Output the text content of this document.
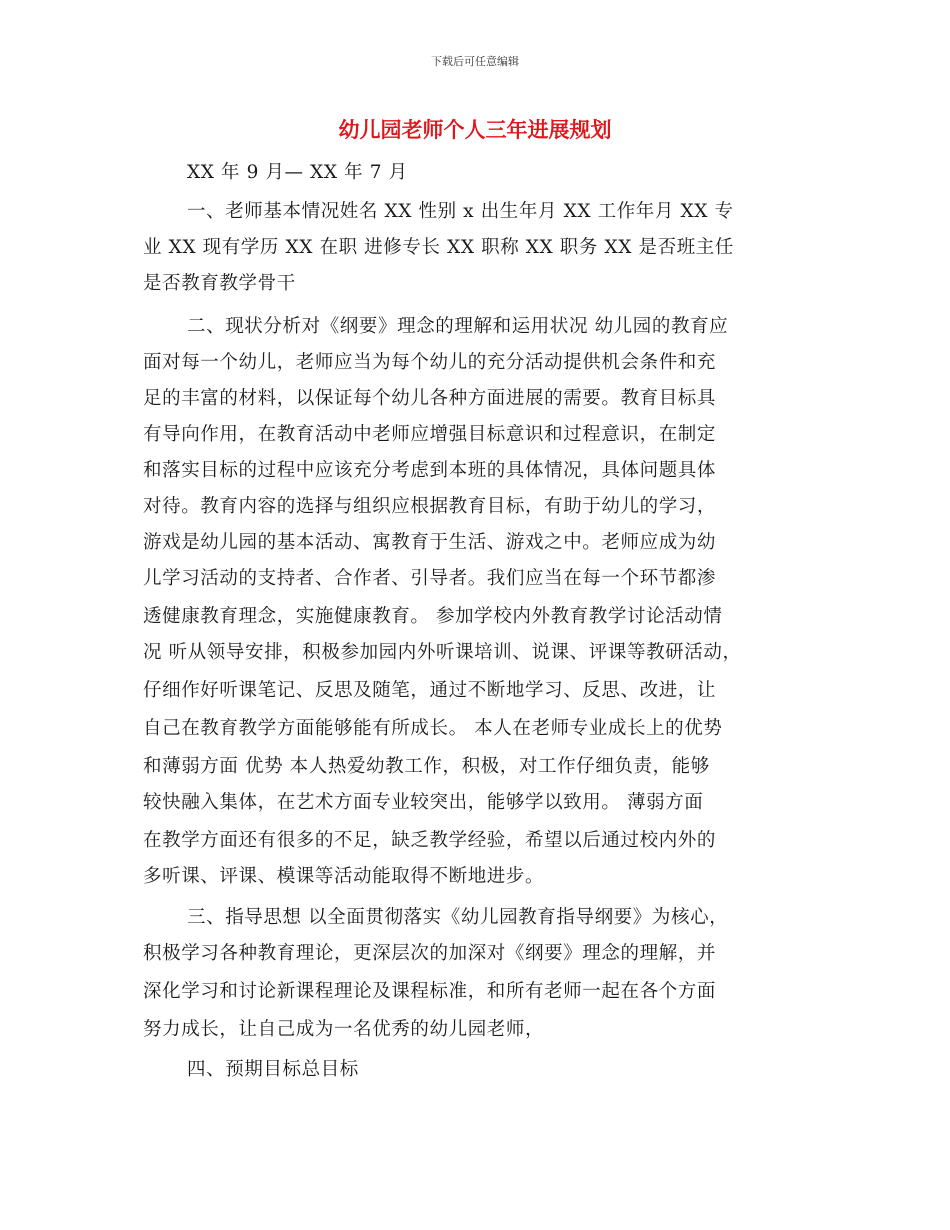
下载后可任意编辑
幼儿园老师个人三年进展规划
XX 年 9 月— XX 年 7 月
一、老师基本情况姓名 XX 性别 x 出生年月 XX 工作年月 XX 专
业 XX 现有学历 XX 在职 进修专长 XX 职称 XX 职务 XX 是否班主任
是否教育教学骨干
二、现状分析对《纲要》理念的理解和运用状况 幼儿园的教育应
面对每一个幼儿，老师应当为每个幼儿的充分活动提供机会条件和充
足的丰富的材料，以保证每个幼儿各种方面进展的需要。教育目标具
有导向作用，在教育活动中老师应增强目标意识和过程意识，在制定
和落实目标的过程中应该充分考虑到本班的具体情况，具体问题具体
对待。教育内容的选择与组织应根据教育目标，有助于幼儿的学习，
游戏是幼儿园的基本活动、寓教育于生活、游戏之中。老师应成为幼
儿学习活动的支持者、合作者、引导者。我们应当在每一个环节都渗
透健康教育理念，实施健康教育。 参加学校内外教育教学讨论活动情
况 听从领导安排，积极参加园内外听课培训、说课、评课等教研活动，
仔细作好听课笔记、反思及随笔，通过不断地学习、反思、改进，让
自己在教育教学方面能够能有所成长。 本人在老师专业成长上的优势
和薄弱方面 优势 本人热爱幼教工作，积极，对工作仔细负责，能够
较快融入集体，在艺术方面专业较突出，能够学以致用。 薄弱方面
在教学方面还有很多的不足，缺乏教学经验，希望以后通过校内外的
多听课、评课、模课等活动能取得不断地进步。
三、指导思想 以全面贯彻落实《幼儿园教育指导纲要》为核心，
积极学习各种教育理论，更深层次的加深对《纲要》理念的理解，并
深化学习和讨论新课程理论及课程标准，和所有老师一起在各个方面
努力成长，让自己成为一名优秀的幼儿园老师，
四、预期目标总目标
